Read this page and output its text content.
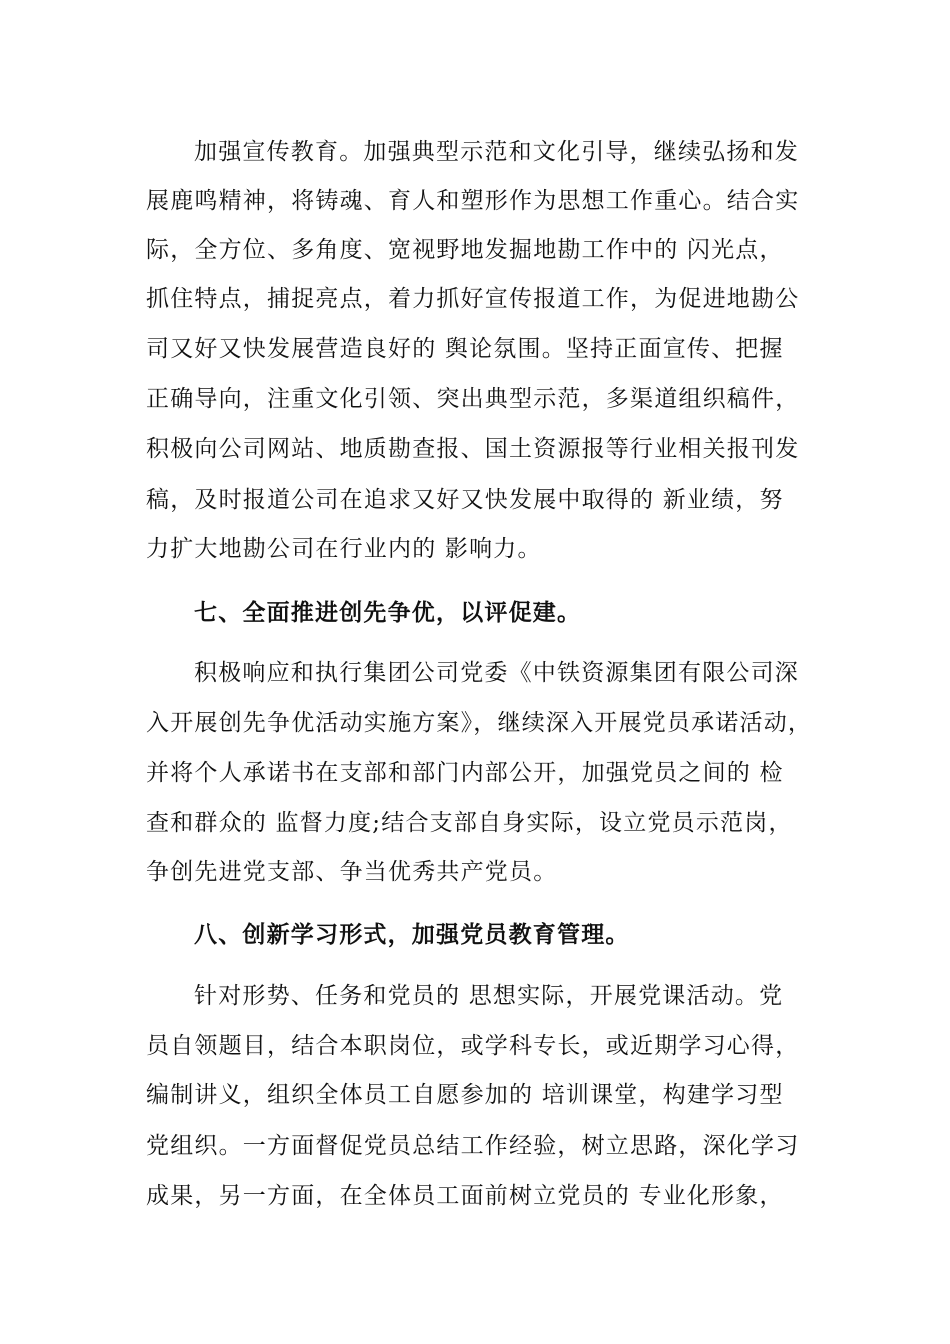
加强宣传教育。加强典型示范和文化引导，继续弘扬和发
展鹿鸣精神，将铸魂、育人和塑形作为思想工作重心。结合实
际，全方位、多角度、宽视野地发掘地勘工作中的 闪光点，
抓住特点，捕捉亮点，着力抓好宣传报道工作，为促进地勘公
司又好又快发展营造良好的 舆论氛围。坚持正面宣传、把握
正确导向，注重文化引领、突出典型示范，多渠道组织稿件，
积极向公司网站、地质勘查报、国土资源报等行业相关报刊发
稿，及时报道公司在追求又好又快发展中取得的 新业绩，努
力扩大地勘公司在行业内的 影响力。
七、全面推进创先争优，以评促建。
积极响应和执行集团公司党委《中铁资源集团有限公司深
入开展创先争优活动实施方案》，继续深入开展党员承诺活动，
并将个人承诺书在支部和部门内部公开，加强党员之间的 检
查和群众的 监督力度;结合支部自身实际，设立党员示范岗，
争创先进党支部、争当优秀共产党员。
八、创新学习形式，加强党员教育管理。
针对形势、任务和党员的 思想实际，开展党课活动。党
员自领题目，结合本职岗位，或学科专长，或近期学习心得，
编制讲义，组织全体员工自愿参加的 培训课堂，构建学习型
党组织。一方面督促党员总结工作经验，树立思路，深化学习
成果，另一方面，在全体员工面前树立党员的 专业化形象，
